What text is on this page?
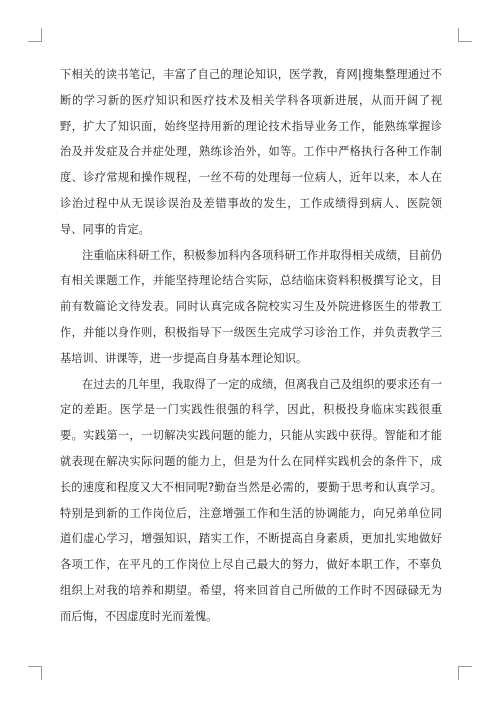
下相关的读书笔记，丰富了自己的理论知识，医学教，育网|搜集整理通过不断的学习新的医疗知识和医疗技术及相关学科各项新进展，从而开阔了视野，扩大了知识面，始终坚持用新的理论技术指导业务工作，能熟练掌握诊治及并发症及合并症处理，熟练诊治外，如等。工作中严格执行各种工作制度、诊疗常规和操作规程，一丝不苟的处理每一位病人，近年以来，本人在诊治过程中从无误诊误治及差错事故的发生，工作成绩得到病人、医院领导、同事的肯定。

注重临床科研工作，积极参加科内各项科研工作并取得相关成绩，目前仍有相关课题工作，并能坚持理论结合实际，总结临床资料积极撰写论文，目前有数篇论文待发表。同时认真完成各院校实习生及外院进修医生的带教工作，并能以身作则，积极指导下一级医生完成学习诊治工作，并负责教学三基培训、讲课等，进一步提高自身基本理论知识。

在过去的几年里，我取得了一定的成绩，但离我自己及组织的要求还有一定的差距。医学是一门实践性很强的科学，因此，积极投身临床实践很重要。实践第一，一切解决实践问题的能力，只能从实践中获得。智能和才能就表现在解决实际问题的能力上，但是为什么在同样实践机会的条件下，成长的速度和程度又大不相同呢?勤奋当然是必需的，要勤于思考和认真学习。特别是到新的工作岗位后，注意增强工作和生活的协调能力，向兄弟单位同道们虚心学习，增强知识，踏实工作，不断提高自身素质，更加扎实地做好各项工作，在平凡的工作岗位上尽自己最大的努力，做好本职工作，不辜负组织上对我的培养和期望。希望，将来回首自己所做的工作时不因碌碌无为而后悔，不因虚度时光而羞愧。
